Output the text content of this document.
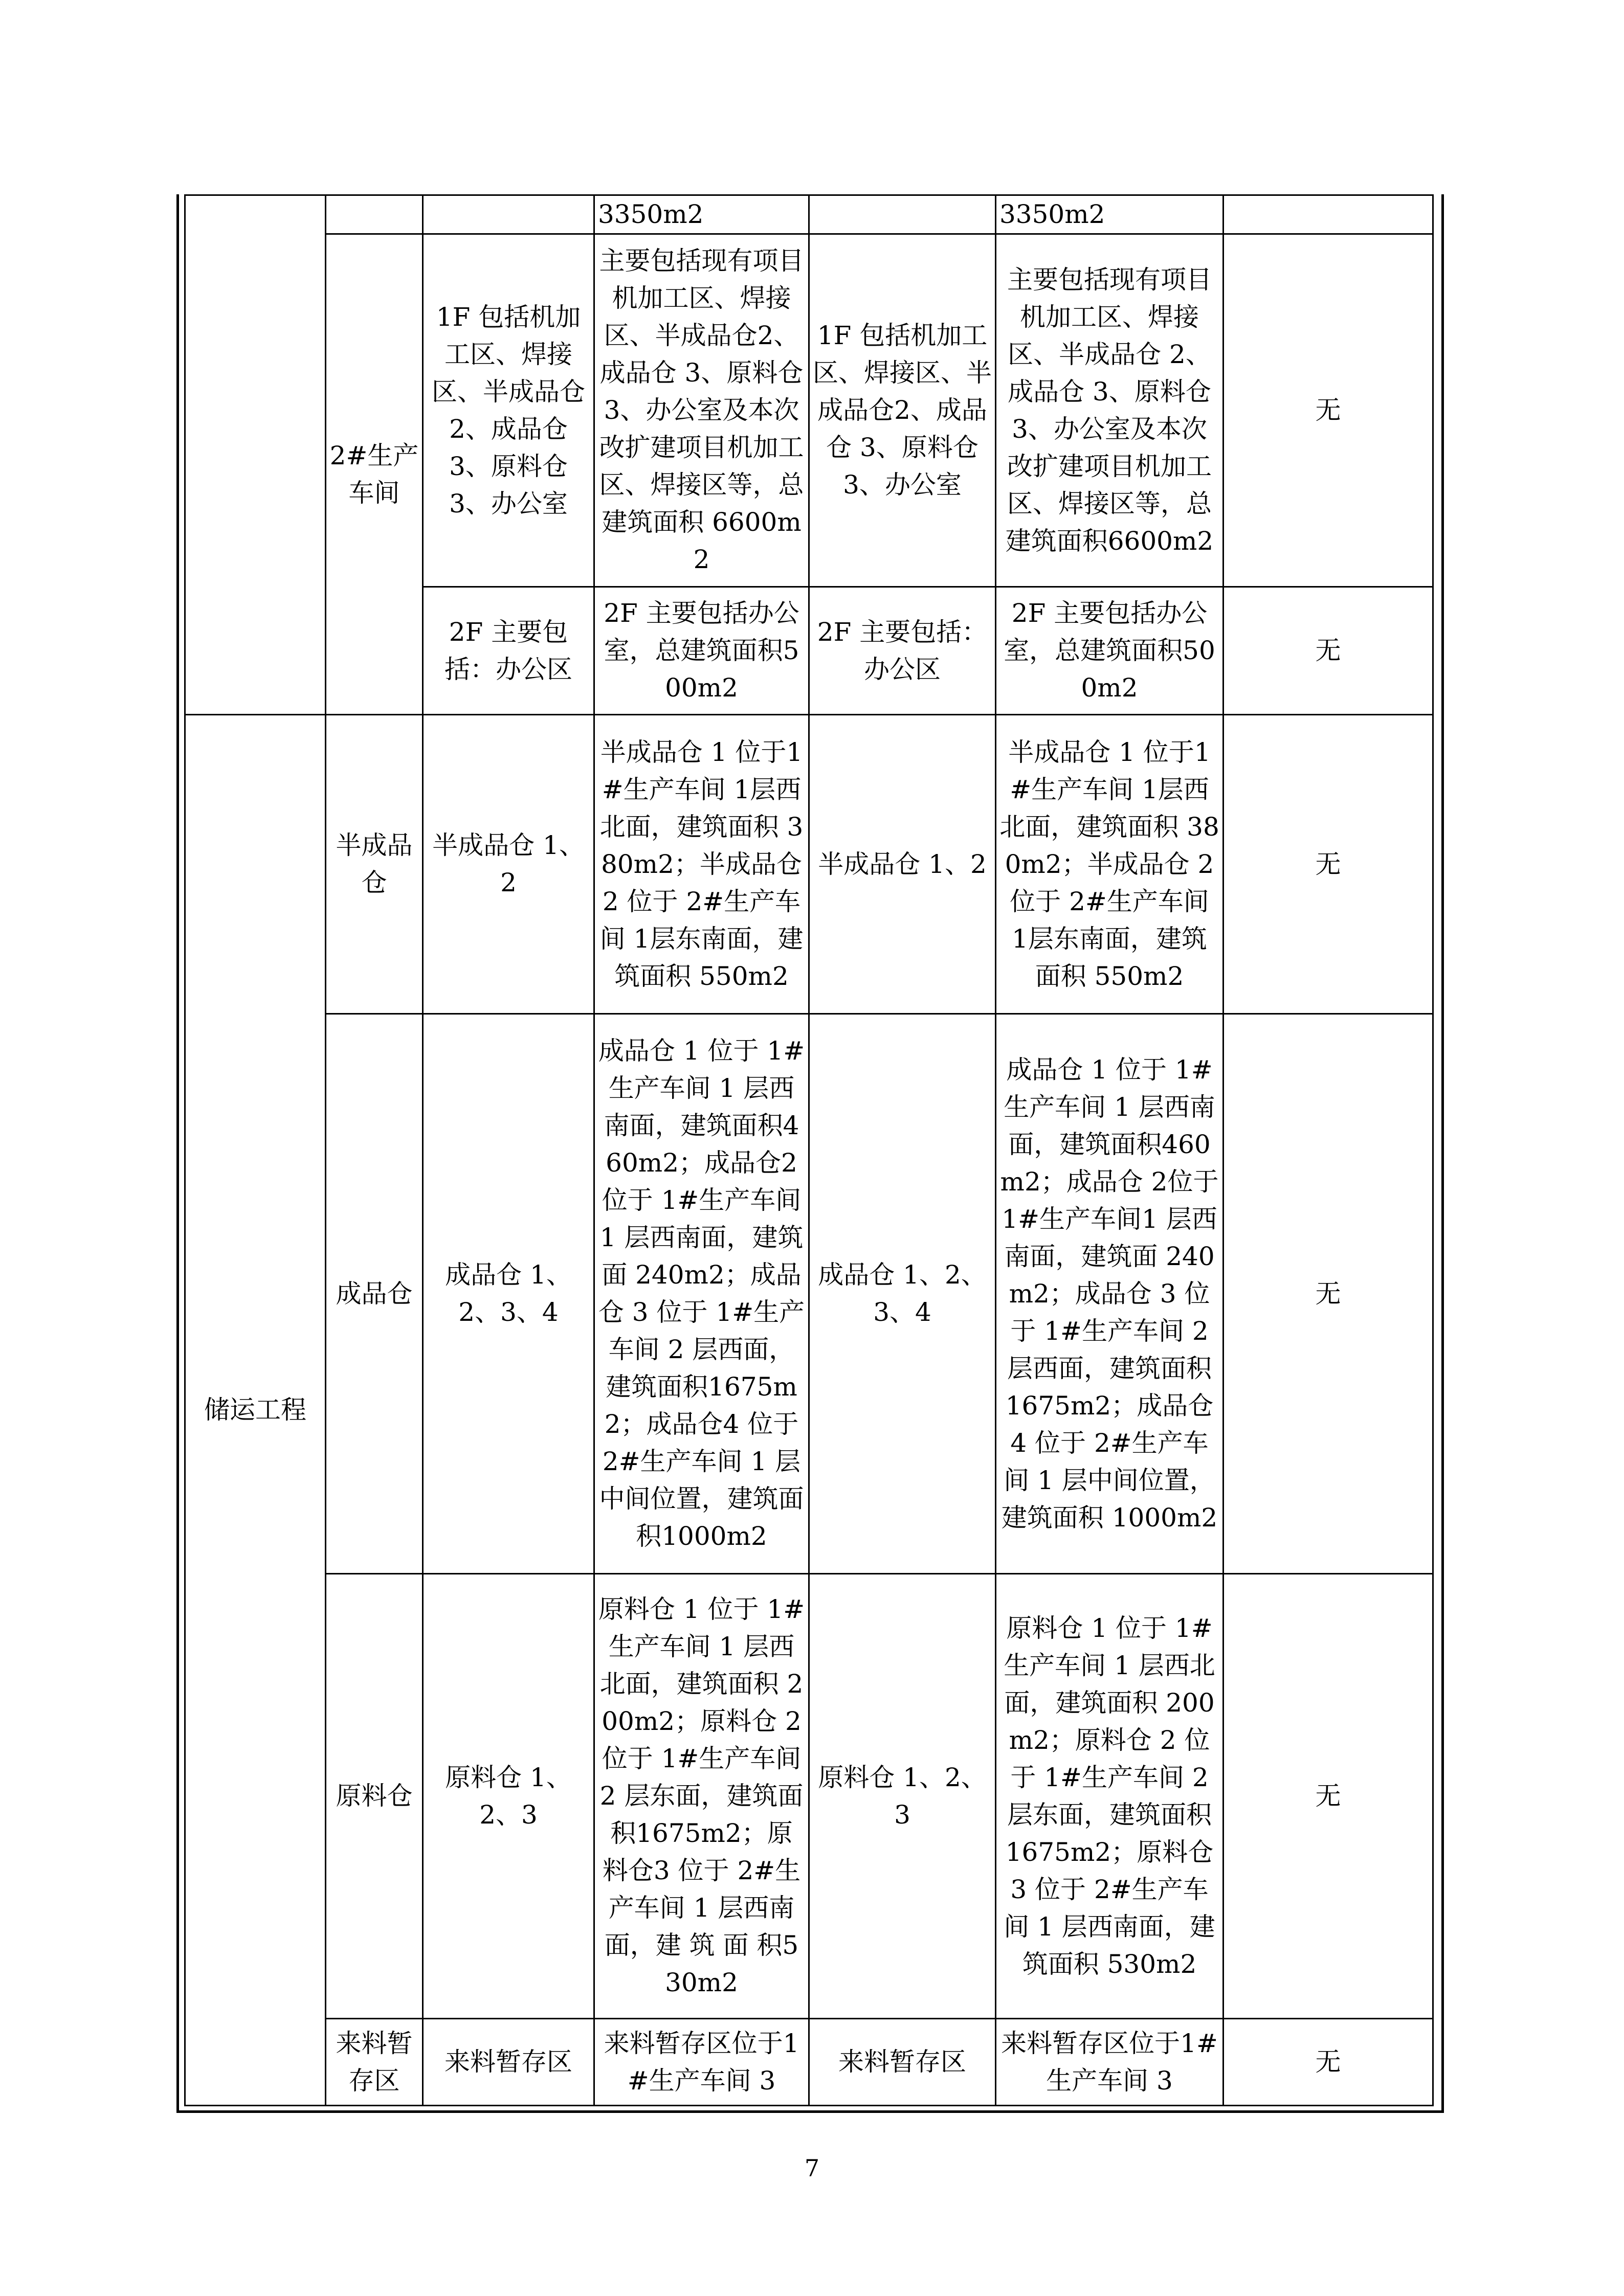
			3350m2		3350m2	
	2#生产车间	1F 包括机加工区、焊接区、半成品仓2、成品仓 3、原料仓 3、办公室	主要包括现有项目机加工区、焊接区、半成品仓2、成品仓 3、原料仓 3、办公室及本次改扩建项目机加工区、焊接区等，总建筑面积 6600m2	1F 包括机加工区、焊接区、半成品仓2、成品仓 3、原料仓 3、办公室	主要包括现有项目机加工区、焊接区、半成品仓 2、成品仓 3、原料仓3、办公室及本次改扩建项目机加工区、焊接区等，总建筑面积6600m2	无
		2F 主要包括：办公区	2F 主要包括办公室，总建筑面积500m2	2F 主要包括：办公区	2F 主要包括办公室，总建筑面积500m2	无
储运工程	半成品仓	半成品仓 1、2	半成品仓 1 位于1#生产车间 1层西北面，建筑面积 380m2；半成品仓 2 位于 2#生产车间 1层东南面，建筑面积 550m2	半成品仓 1、2	半成品仓 1 位于1#生产车间 1层西北面，建筑面积 380m2；半成品仓 2 位于 2#生产车间 1层东南面，建筑面积 550m2	无
	成品仓	成品仓 1、2、3、4	成品仓 1 位于 1#生产车间 1 层西南面，建筑面积460m2；成品仓2 位于 1#生产车间 1 层西南面，建筑面 240m2；成品仓 3 位于 1#生产车间 2 层西面，建筑面积1675m2；成品仓4 位于 2#生产车间 1 层中间位置，建筑面积1000m2	成品仓 1、2、3、4	成品仓 1 位于 1#生产车间 1 层西南面，建筑面积460m2；成品仓 2位于 1#生产车间1 层西南面，建筑面 240m2；成品仓 3 位于 1#生产车间 2 层西面，建筑面积1675m2；成品仓4 位于 2#生产车间 1 层中间位置，建筑面积 1000m2	无
	原料仓	原料仓 1、2、3	原料仓 1 位于 1#生产车间 1 层西北面，建筑面积 200m2；原料仓 2 位于 1#生产车间 2 层东面，建筑面积1675m2；原料仓3 位于 2#生产车间 1 层西南面，建 筑 面 积530m2	原料仓 1、2、3	原料仓 1 位于 1#生产车间 1 层西北面，建筑面积 200m2；原料仓 2 位于 1#生产车间 2 层东面，建筑面积1675m2；原料仓3 位于 2#生产车间 1 层西南面，建筑面积 530m2	无
	来料暂存区	来料暂存区	来料暂存区位于1#生产车间 3	来料暂存区	来料暂存区位于1#生产车间 3	无
7
